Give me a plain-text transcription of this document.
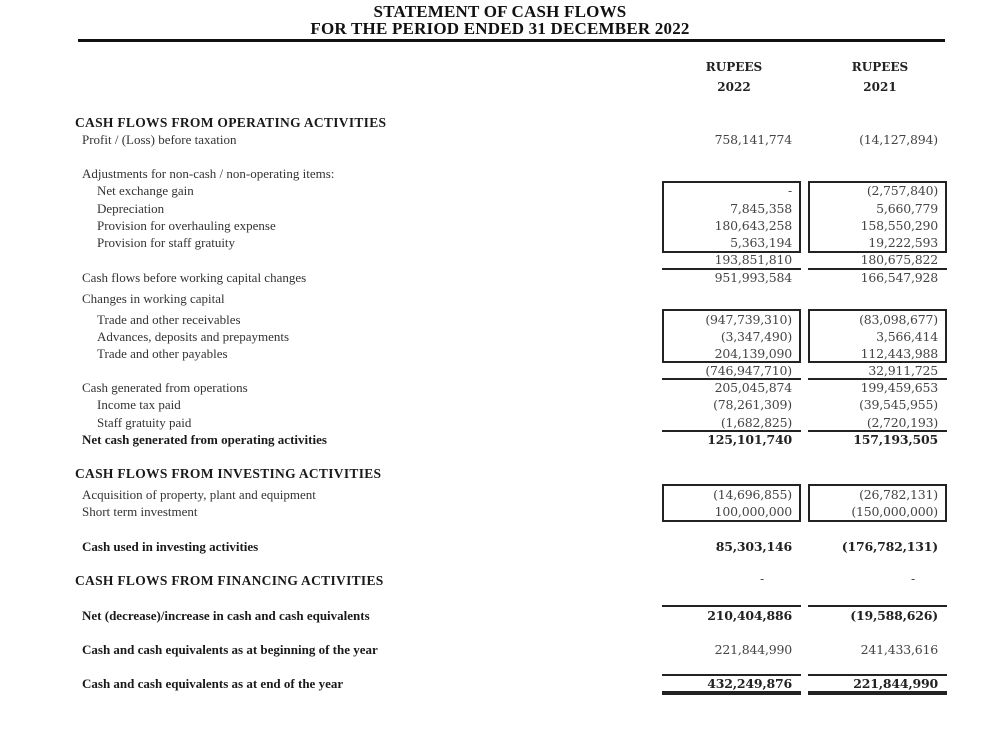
STATEMENT OF CASH FLOWS
FOR THE PERIOD ENDED 31 DECEMBER 2022
RUPEES
2022
RUPEES
2021
CASH FLOWS FROM OPERATING ACTIVITIES
Profit / (Loss) before taxation	758,141,774	(14,127,894)
Adjustments for non-cash / non-operating items:
Net exchange gain	-	(2,757,840)
Depreciation	7,845,358	5,660,779
Provision for overhauling expense	180,643,258	158,550,290
Provision for staff gratuity	5,363,194	19,222,593
193,851,810	180,675,822
Cash flows before working capital changes	951,993,584	166,547,928
Changes in working capital
Trade and other receivables	(947,739,310)	(83,098,677)
Advances, deposits and prepayments	(3,347,490)	3,566,414
Trade and other payables	204,139,090	112,443,988
(746,947,710)	32,911,725
Cash generated from operations	205,045,874	199,459,653
Income tax paid	(78,261,309)	(39,545,955)
Staff gratuity paid	(1,682,825)	(2,720,193)
Net cash generated from operating activities	125,101,740	157,193,505
CASH FLOWS FROM INVESTING ACTIVITIES
Acquisition of property, plant and equipment	(14,696,855)	(26,782,131)
Short term investment	100,000,000	(150,000,000)
Cash used in investing activities	85,303,146	(176,782,131)
CASH FLOWS FROM FINANCING ACTIVITIES	-	-
Net (decrease)/increase in cash and cash equivalents	210,404,886	(19,588,626)
Cash and cash equivalents as at beginning of the year	221,844,990	241,433,616
Cash and cash equivalents as at end of the year	432,249,876	221,844,990
